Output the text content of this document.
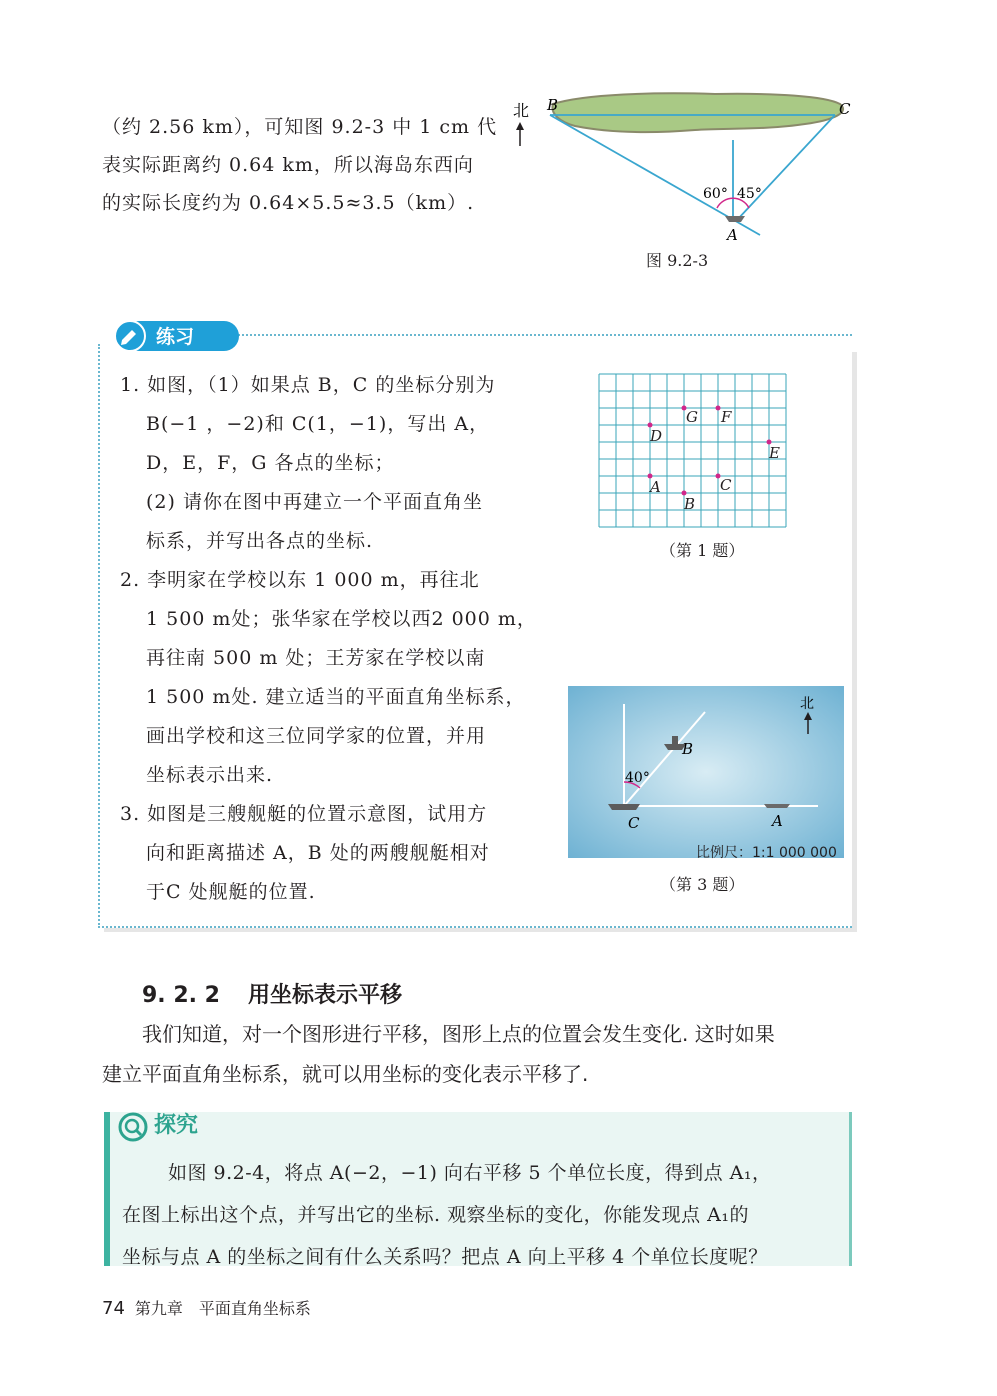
（约 2.56 km），可知图 9.2-3 中 1 cm 代
表实际距离约 0.64 km，所以海岛东西向
的实际长度约为 0.64×5.5≈3.5（km）.
北 B	C
A
60° 45°
图 9.2-3
练习
1. 如图，（1）如果点 B，C 的坐标分别为
B(−1 ，−2)和 C(1，−1)，写出 A，
D，E，F，G 各点的坐标；
(2) 请你在图中再建立一个平面直角坐
标系，并写出各点的坐标.
2. 李明家在学校以东 1 000 m，再往北
1 500 m处；张华家在学校以西2 000 m，
再往南 500 m 处；王芳家在学校以南
1 500 m处. 建立适当的平面直角坐标系，
画出学校和这三位同学家的位置，并用
坐标表示出来.
3. 如图是三艘舰艇的位置示意图，试用方
向和距离描述 A，B 处的两艘舰艇相对
于C 处舰艇的位置.
G F
D
E
A	C
B
（第 1 题）
北
40°
B
C	A
比例尺：1:1 000 000
（第 3 题）
9. 2. 2 用坐标表示平移
我们知道，对一个图形进行平移，图形上点的位置会发生变化. 这时如果
建立平面直角坐标系，就可以用坐标的变化表示平移了.
探究
如图 9.2-4，将点 A(−2，−1) 向右平移 5 个单位长度，得到点 A₁，
在图上标出这个点，并写出它的坐标. 观察坐标的变化，你能发现点 A₁的
坐标与点 A 的坐标之间有什么关系吗？把点 A 向上平移 4 个单位长度呢？
74 第九章　平面直角坐标系
